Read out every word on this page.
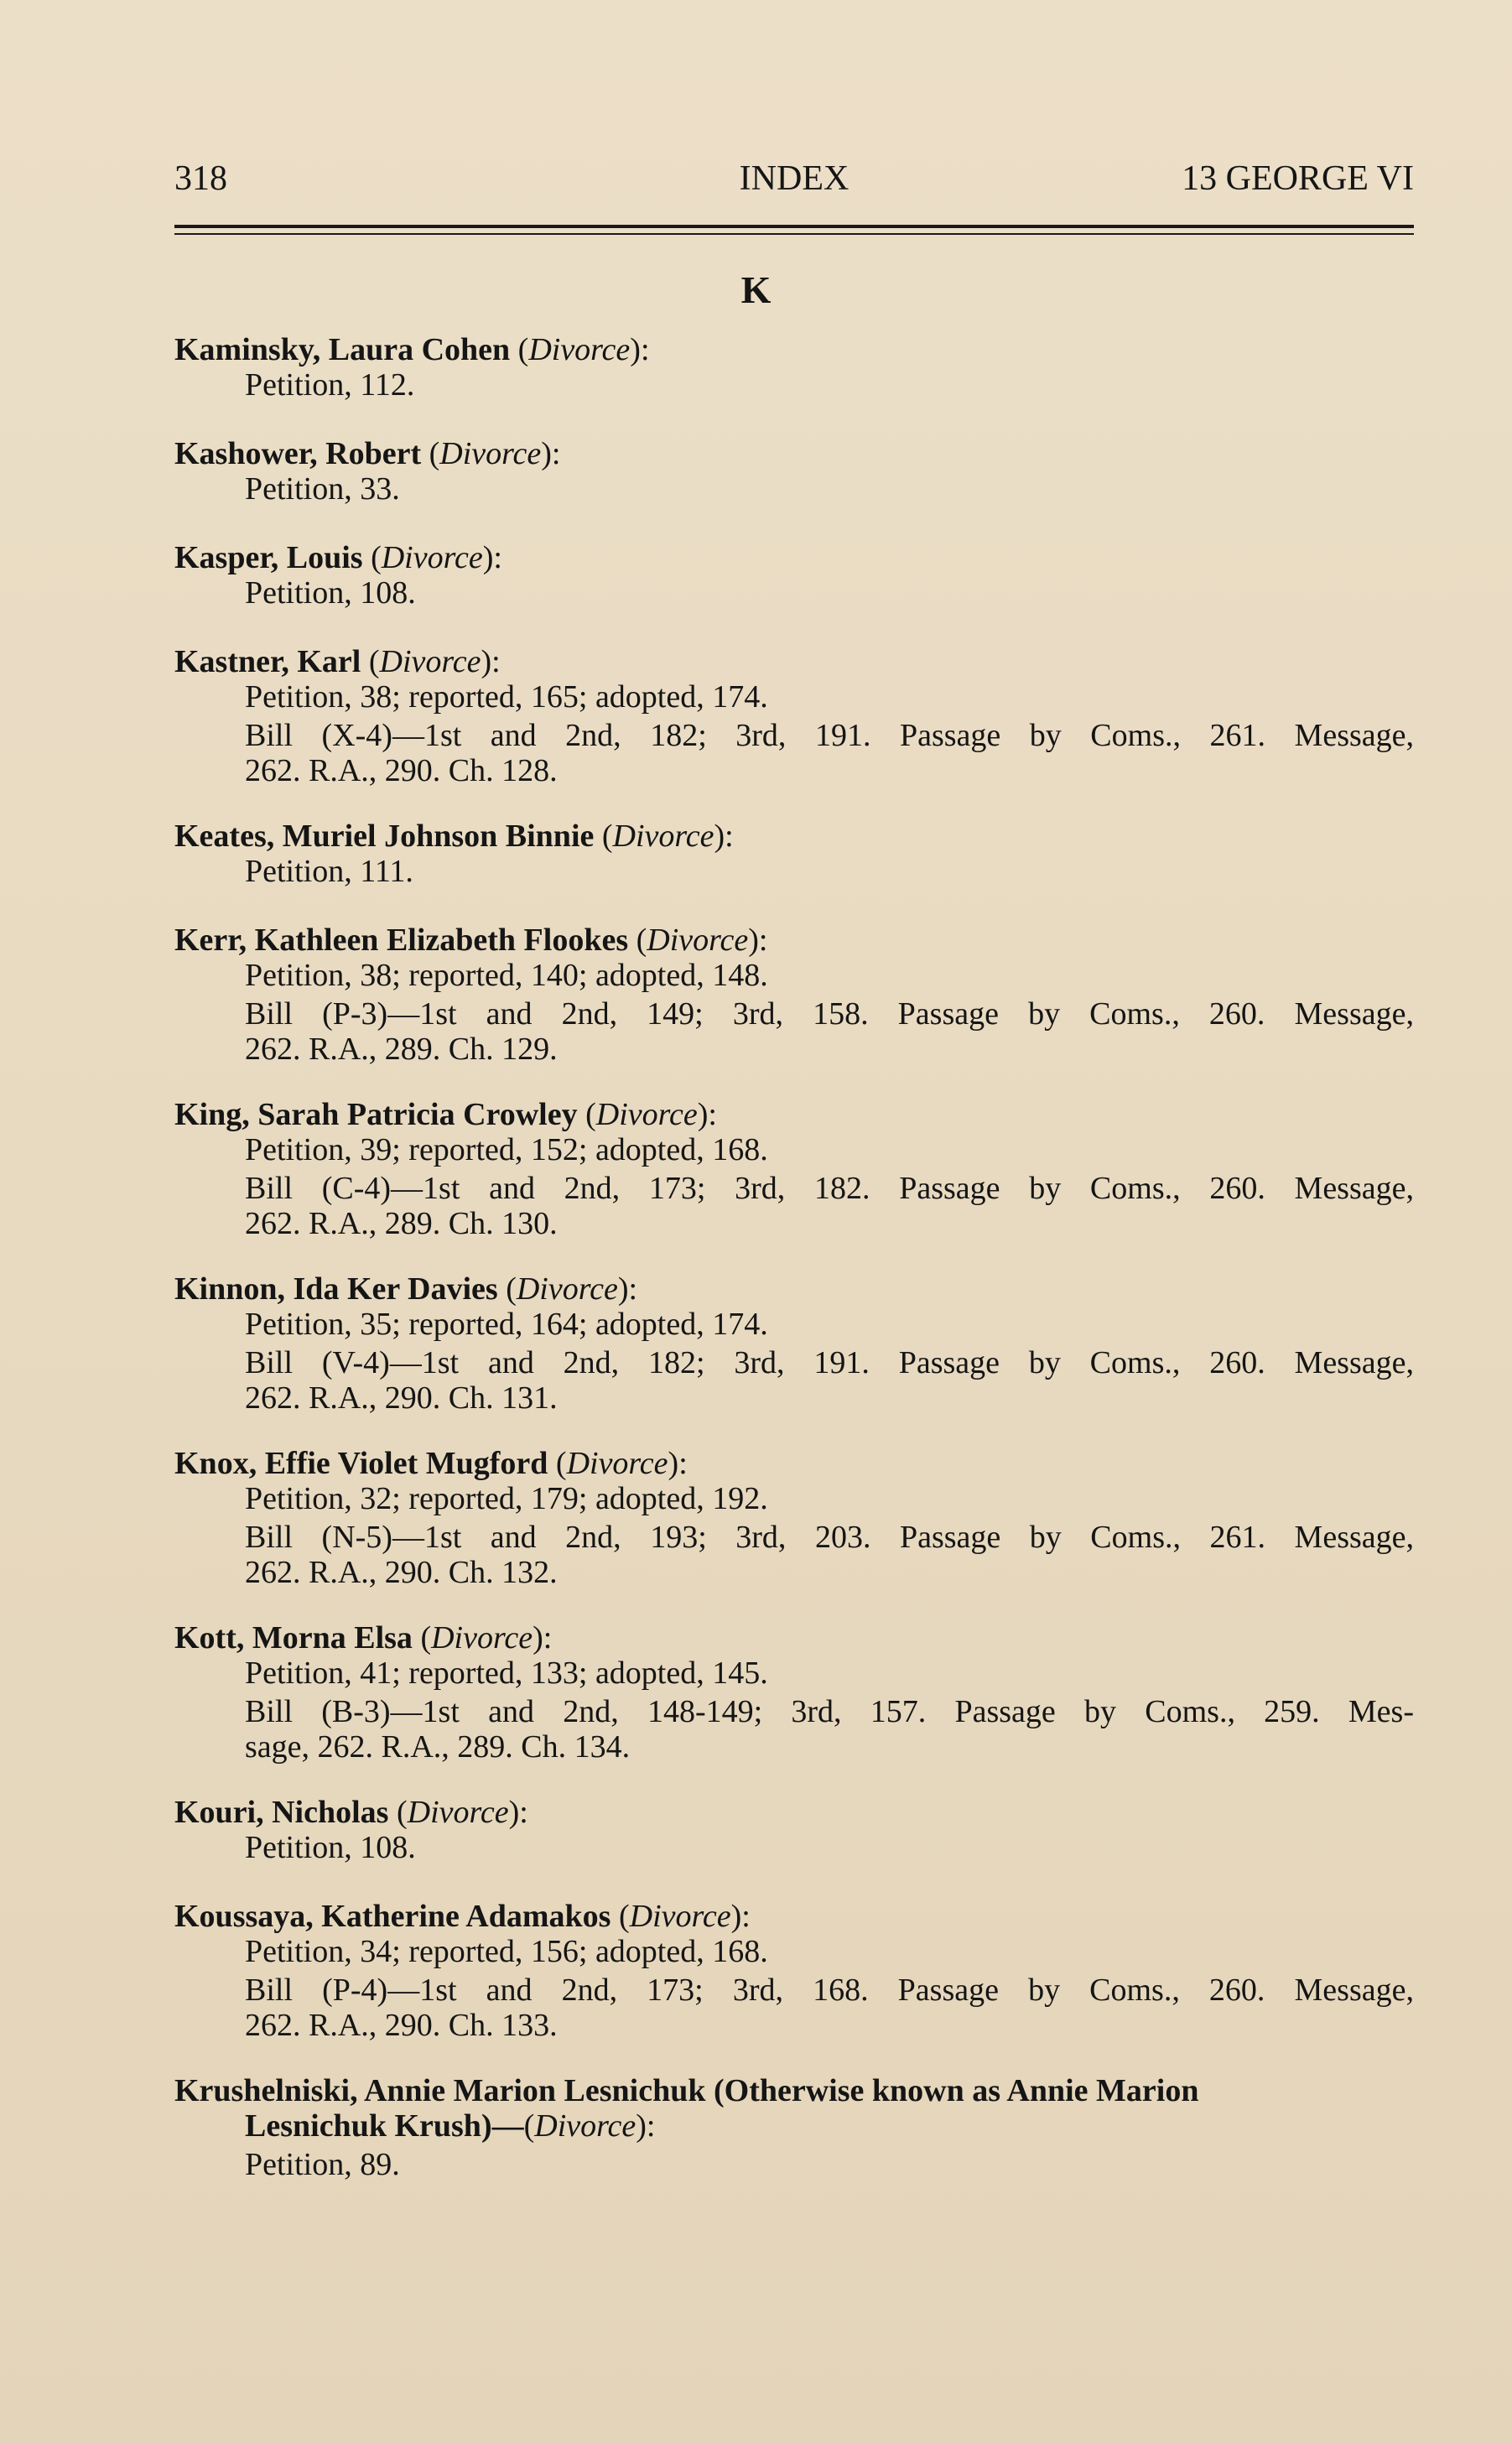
318	INDEX	13 GEORGE VI
K

Kaminsky, Laura Cohen (Divorce):

Petition, 112.

Kashower, Robert (Divorce):

Petition, 33.

Kasper, Louis (Divorce):

Petition, 108.

Kastner, Karl (Divorce):

Petition, 38; reported, 165; adopted, 174.

Bill (X-4)—1st and 2nd, 182; 3rd, 191. Passage by Coms., 261. Message,

262. R.A., 290. Ch. 128.

Keates, Muriel Johnson Binnie (Divorce):

Petition, 111.

Kerr, Kathleen Elizabeth Flookes (Divorce):

Petition, 38; reported, 140; adopted, 148.

Bill (P-3)—1st and 2nd, 149; 3rd, 158. Passage by Coms., 260. Message,

262. R.A., 289. Ch. 129.

King, Sarah Patricia Crowley (Divorce):

Petition, 39; reported, 152; adopted, 168.

Bill (C-4)—1st and 2nd, 173; 3rd, 182. Passage by Coms., 260. Message,

262. R.A., 289. Ch. 130.

Kinnon, Ida Ker Davies (Divorce):

Petition, 35; reported, 164; adopted, 174.

Bill (V-4)—1st and 2nd, 182; 3rd, 191. Passage by Coms., 260. Message,

262. R.A., 290. Ch. 131.

Knox, Effie Violet Mugford (Divorce):

Petition, 32; reported, 179; adopted, 192.

Bill (N-5)—1st and 2nd, 193; 3rd, 203. Passage by Coms., 261. Message,

262. R.A., 290. Ch. 132.

Kott, Morna Elsa (Divorce):

Petition, 41; reported, 133; adopted, 145.

Bill (B-3)—1st and 2nd, 148-149; 3rd, 157. Passage by Coms., 259. Mes-

sage, 262. R.A., 289. Ch. 134.

Kouri, Nicholas (Divorce):

Petition, 108.

Koussaya, Katherine Adamakos (Divorce):

Petition, 34; reported, 156; adopted, 168.

Bill (P-4)—1st and 2nd, 173; 3rd, 168. Passage by Coms., 260. Message,

262. R.A., 290. Ch. 133.

Krushelniski, Annie Marion Lesnichuk (Otherwise known as Annie Marion

Lesnichuk Krush)—(Divorce):

Petition, 89.
